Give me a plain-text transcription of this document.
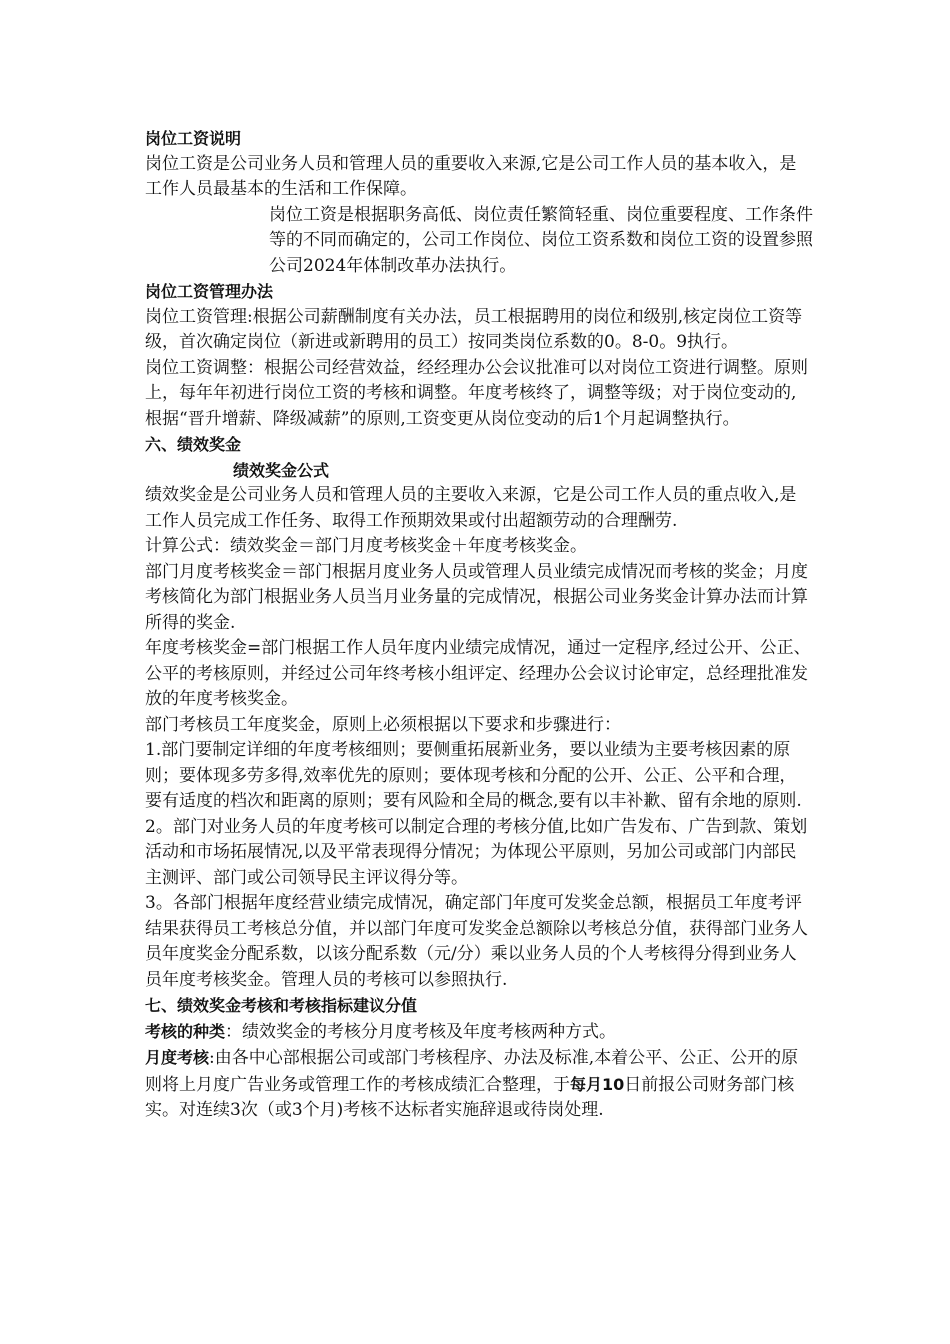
岗位工资说明
岗位工资是公司业务人员和管理人员的重要收入来源,它是公司工作人员的基本收入，是工作人员最基本的生活和工作保障。
岗位工资是根据职务高低、岗位责任繁简轻重、岗位重要程度、工作条件等的不同而确定的，公司工作岗位、岗位工资系数和岗位工资的设置参照公司2024年体制改革办法执行。
岗位工资管理办法
岗位工资管理:根据公司薪酬制度有关办法，员工根据聘用的岗位和级别,核定岗位工资等级，首次确定岗位（新进或新聘用的员工）按同类岗位系数的0。8-0。9执行。
岗位工资调整：根据公司经营效益，经经理办公会议批准可以对岗位工资进行调整。原则上，每年年初进行岗位工资的考核和调整。年度考核终了，调整等级；对于岗位变动的,根据“晋升增薪、降级减薪”的原则,工资变更从岗位变动的后1个月起调整执行。
六、绩效奖金
绩效奖金公式
绩效奖金是公司业务人员和管理人员的主要收入来源，它是公司工作人员的重点收入,是工作人员完成工作任务、取得工作预期效果或付出超额劳动的合理酬劳.
计算公式：绩效奖金＝部门月度考核奖金＋年度考核奖金。
部门月度考核奖金＝部门根据月度业务人员或管理人员业绩完成情况而考核的奖金；月度考核简化为部门根据业务人员当月业务量的完成情况，根据公司业务奖金计算办法而计算所得的奖金.
年度考核奖金=部门根据工作人员年度内业绩完成情况，通过一定程序,经过公开、公正、公平的考核原则，并经过公司年终考核小组评定、经理办公会议讨论审定，总经理批准发放的年度考核奖金。
部门考核员工年度奖金，原则上必须根据以下要求和步骤进行：
1.部门要制定详细的年度考核细则；要侧重拓展新业务，要以业绩为主要考核因素的原则；要体现多劳多得,效率优先的原则；要体现考核和分配的公开、公正、公平和合理，要有适度的档次和距离的原则；要有风险和全局的概念,要有以丰补歉、留有余地的原则.
2。部门对业务人员的年度考核可以制定合理的考核分值,比如广告发布、广告到款、策划活动和市场拓展情况,以及平常表现得分情况；为体现公平原则，另加公司或部门内部民主测评、部门或公司领导民主评议得分等。
3。各部门根据年度经营业绩完成情况，确定部门年度可发奖金总额，根据员工年度考评结果获得员工考核总分值，并以部门年度可发奖金总额除以考核总分值，获得部门业务人员年度奖金分配系数，以该分配系数（元/分）乘以业务人员的个人考核得分得到业务人员年度考核奖金。管理人员的考核可以参照执行.
七、绩效奖金考核和考核指标建议分值
考核的种类：绩效奖金的考核分月度考核及年度考核两种方式。
月度考核:由各中心部根据公司或部门考核程序、办法及标准,本着公平、公正、公开的原则将上月度广告业务或管理工作的考核成绩汇合整理，于每月10日前报公司财务部门核实。对连续3次（或3个月)考核不达标者实施辞退或待岗处理.
